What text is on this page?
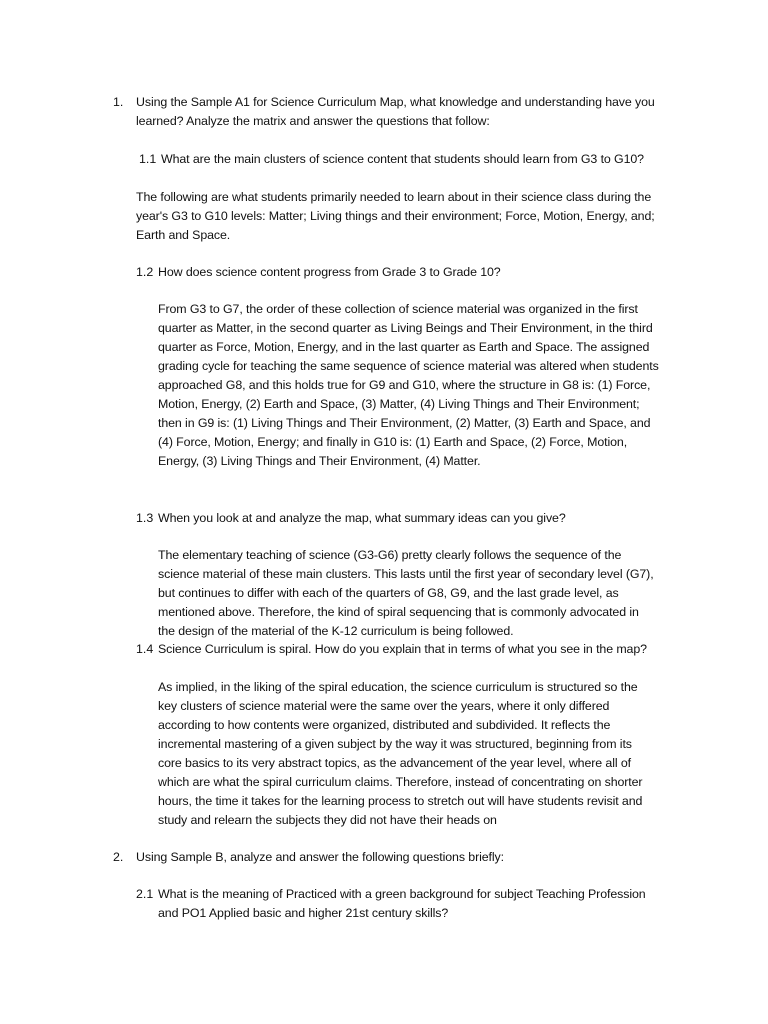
1. Using the Sample A1 for Science Curriculum Map, what knowledge and understanding have you
learned? Analyze the matrix and answer the questions that follow:
1.1 What are the main clusters of science content that students should learn from G3 to G10?
The following are what students primarily needed to learn about in their science class during the
year's G3 to G10 levels: Matter; Living things and their environment; Force, Motion, Energy, and;
Earth and Space.
1.2 How does science content progress from Grade 3 to Grade 10?
From G3 to G7, the order of these collection of science material was organized in the first
quarter as Matter, in the second quarter as Living Beings and Their Environment, in the third
quarter as Force, Motion, Energy, and in the last quarter as Earth and Space. The assigned
grading cycle for teaching the same sequence of science material was altered when students
approached G8, and this holds true for G9 and G10, where the structure in G8 is: (1) Force,
Motion, Energy, (2) Earth and Space, (3) Matter, (4) Living Things and Their Environment;
then in G9 is: (1) Living Things and Their Environment, (2) Matter, (3) Earth and Space, and
(4) Force, Motion, Energy; and finally in G10 is: (1) Earth and Space, (2) Force, Motion,
Energy, (3) Living Things and Their Environment, (4) Matter.
1.3 When you look at and analyze the map, what summary ideas can you give?
The elementary teaching of science (G3-G6) pretty clearly follows the sequence of the
science material of these main clusters. This lasts until the first year of secondary level (G7),
but continues to differ with each of the quarters of G8, G9, and the last grade level, as
mentioned above. Therefore, the kind of spiral sequencing that is commonly advocated in
the design of the material of the K-12 curriculum is being followed.
1.4 Science Curriculum is spiral. How do you explain that in terms of what you see in the map?
As implied, in the liking of the spiral education, the science curriculum is structured so the
key clusters of science material were the same over the years, where it only differed
according to how contents were organized, distributed and subdivided. It reflects the
incremental mastering of a given subject by the way it was structured, beginning from its
core basics to its very abstract topics, as the advancement of the year level, where all of
which are what the spiral curriculum claims. Therefore, instead of concentrating on shorter
hours, the time it takes for the learning process to stretch out will have students revisit and
study and relearn the subjects they did not have their heads on
2. Using Sample B, analyze and answer the following questions briefly:
2.1 What is the meaning of Practiced with a green background for subject Teaching Profession
and PO1 Applied basic and higher 21st century skills?
